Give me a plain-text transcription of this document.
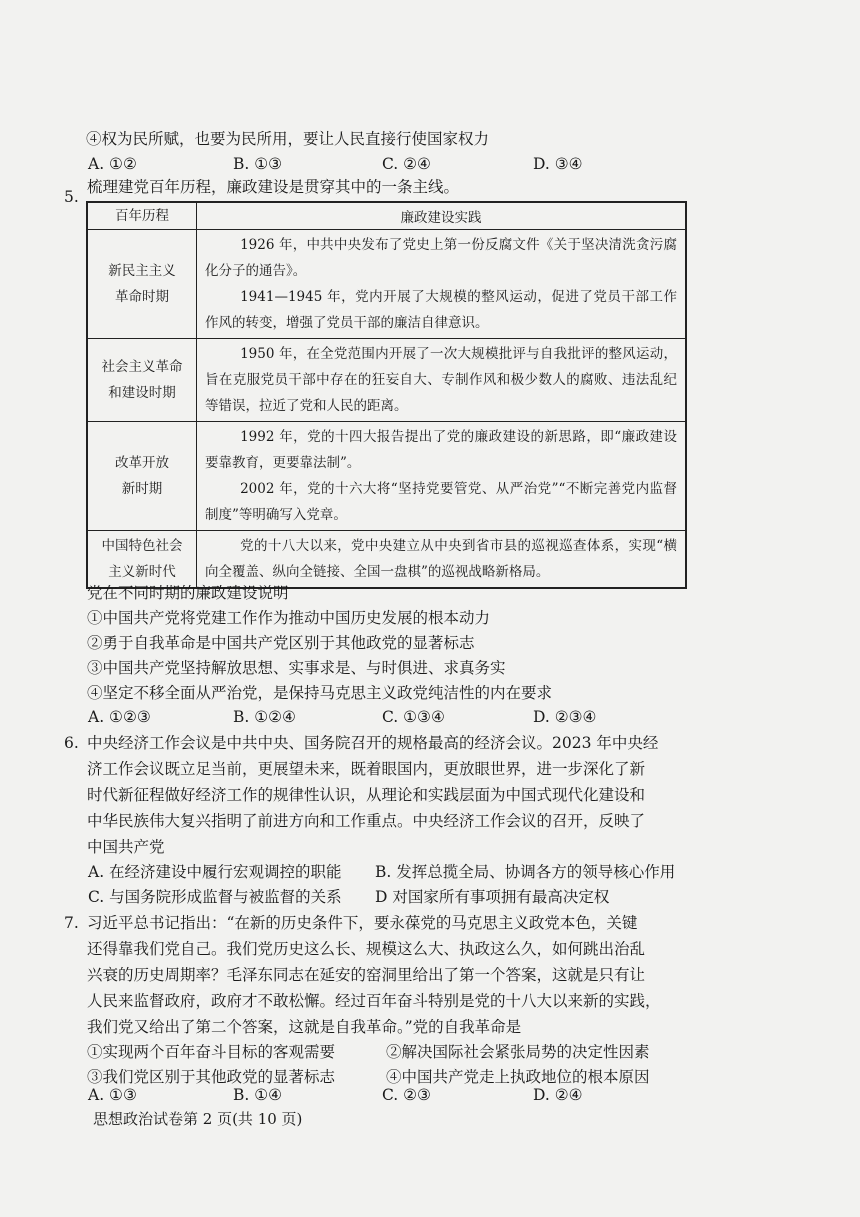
④权为民所赋，也要为民所用，要让人民直接行使国家权力
A. ①②	B. ①③	C. ②④	D. ③④
5.
梳理建党百年历程，廉政建设是贯穿其中的一条主线。
百年历程	廉政建设实践

新民主主义
革命时期	1926 年，中共中央发布了党史上第一份反腐文件《关于坚决清洗贪污腐化分子的通告》。
1941—1945 年，党内开展了大规模的整风运动，促进了党员干部工作作风的转变，增强了党员干部的廉洁自律意识。

社会主义革命
和建设时期	1950 年，在全党范围内开展了一次大规模批评与自我批评的整风运动，旨在克服党员干部中存在的狂妄自大、专制作风和极少数人的腐败、违法乱纪等错误，拉近了党和人民的距离。

改革开放
新时期	1992 年，党的十四大报告提出了党的廉政建设的新思路，即“廉政建设要靠教育，更要靠法制”。
2002 年，党的十六大将“坚持党要管党、从严治党”“不断完善党内监督制度”等明确写入党章。

中国特色社会
主义新时代	党的十八大以来，党中央建立从中央到省市县的巡视巡查体系，实现“横向全覆盖、纵向全链接、全国一盘棋”的巡视战略新格局。
党在不同时期的廉政建设说明
①中国共产党将党建工作作为推动中国历史发展的根本动力
②勇于自我革命是中国共产党区别于其他政党的显著标志
③中国共产党坚持解放思想、实事求是、与时俱进、求真务实
④坚定不移全面从严治党，是保持马克思主义政党纯洁性的内在要求
A. ①②③	B. ①②④	C. ①③④	D. ②③④
6. 中央经济工作会议是中共中央、国务院召开的规格最高的经济会议。2023 年中央经
济工作会议既立足当前，更展望未来，既着眼国内，更放眼世界，进一步深化了新
时代新征程做好经济工作的规律性认识，从理论和实践层面为中国式现代化建设和
中华民族伟大复兴指明了前进方向和工作重点。中央经济工作会议的召开，反映了
中国共产党
A. 在经济建设中履行宏观调控的职能 B. 发挥总揽全局、协调各方的领导核心作用
C. 与国务院形成监督与被监督的关系 D 对国家所有事项拥有最高决定权
7. 习近平总书记指出：“在新的历史条件下，要永葆党的马克思主义政党本色，关键
还得靠我们党自己。我们党历史这么长、规模这么大、执政这么久，如何跳出治乱
兴衰的历史周期率？毛泽东同志在延安的窑洞里给出了第一个答案，这就是只有让
人民来监督政府，政府才不敢松懈。经过百年奋斗特别是党的十八大以来新的实践，
我们党又给出了第二个答案，这就是自我革命。”党的自我革命是
①实现两个百年奋斗目标的客观需要	②解决国际社会紧张局势的决定性因素
③我们党区别于其他政党的显著标志	④中国共产党走上执政地位的根本原因
A. ①③	B. ①④	C. ②③	D. ②④
思想政治试卷第 2 页(共 10 页)
